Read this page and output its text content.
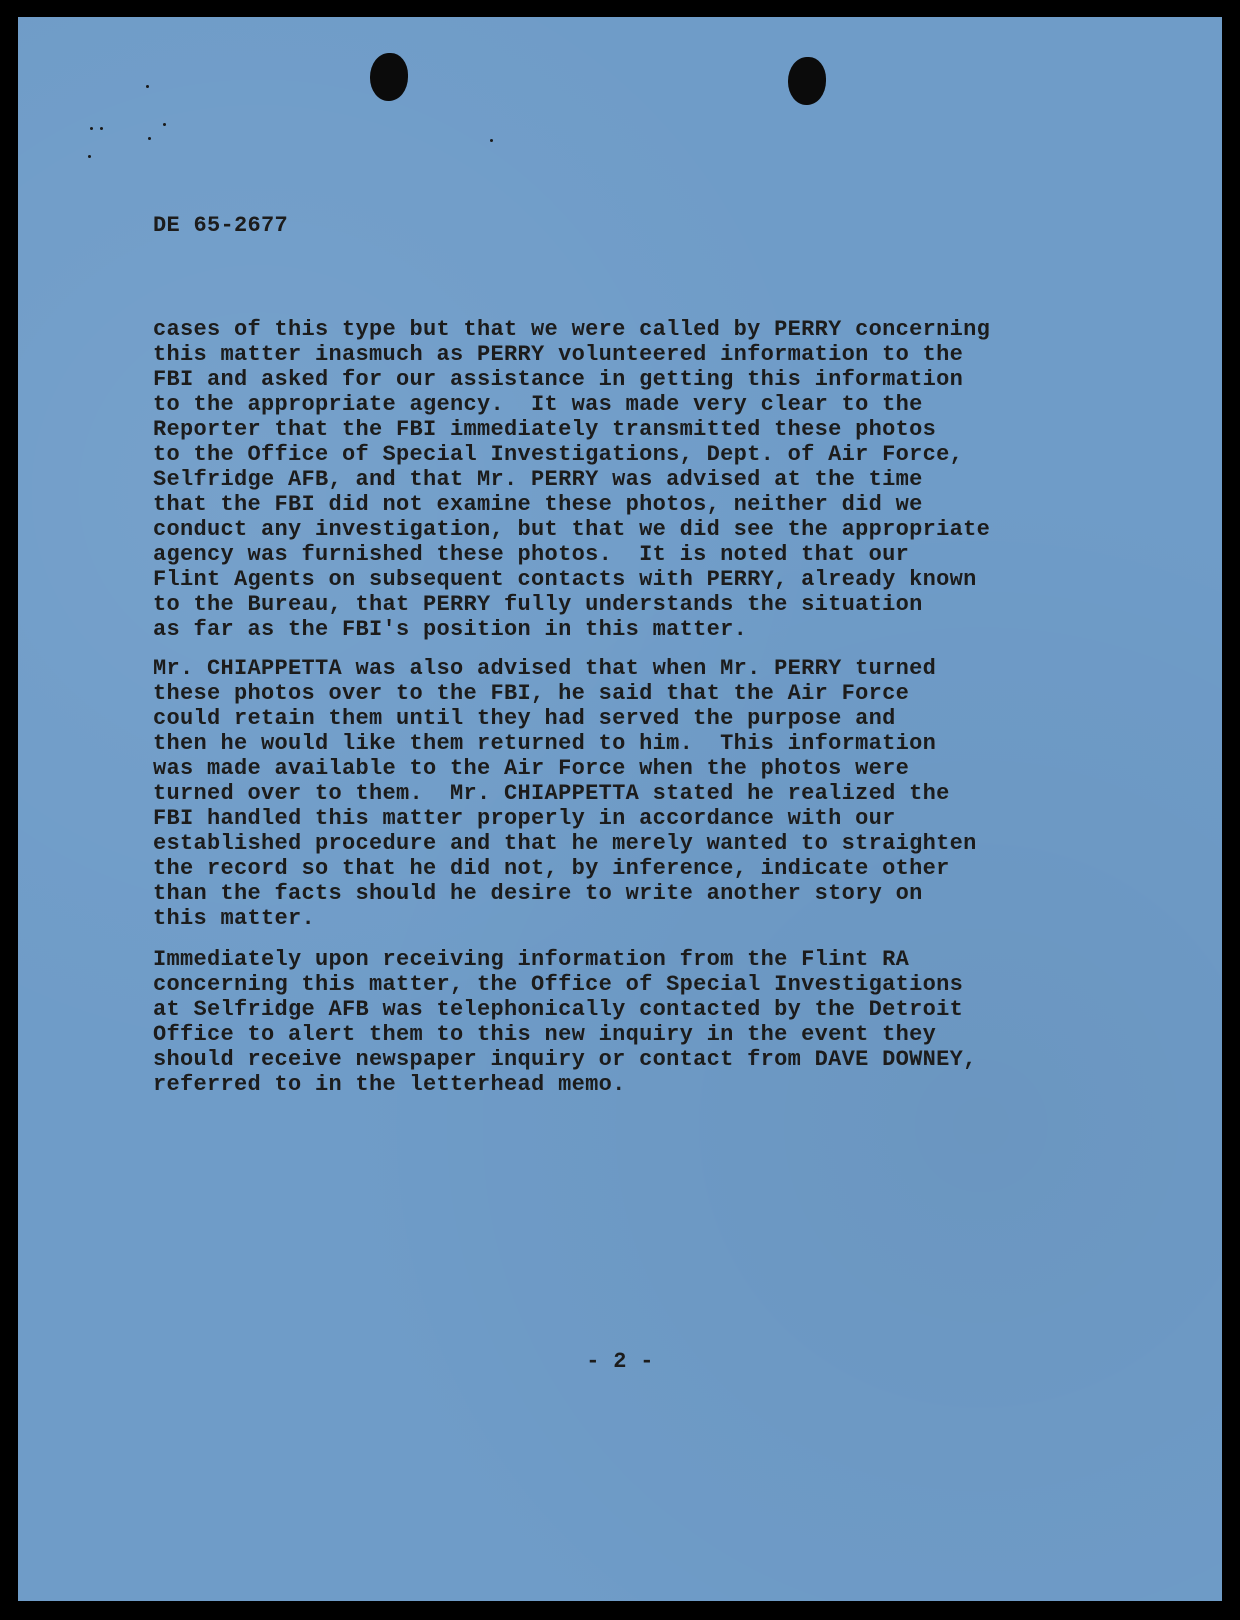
DE 65-2677

cases of this type but that we were called by PERRY concerning
this matter inasmuch as PERRY volunteered information to the
FBI and asked for our assistance in getting this information
to the appropriate agency.  It was made very clear to the
Reporter that the FBI immediately transmitted these photos
to the Office of Special Investigations, Dept. of Air Force,
Selfridge AFB, and that Mr. PERRY was advised at the time
that the FBI did not examine these photos, neither did we
conduct any investigation, but that we did see the appropriate
agency was furnished these photos.  It is noted that our
Flint Agents on subsequent contacts with PERRY, already known
to the Bureau, that PERRY fully understands the situation
as far as the FBI's position in this matter.

Mr. CHIAPPETTA was also advised that when Mr. PERRY turned
these photos over to the FBI, he said that the Air Force
could retain them until they had served the purpose and
then he would like them returned to him.  This information
was made available to the Air Force when the photos were
turned over to them.  Mr. CHIAPPETTA stated he realized the
FBI handled this matter properly in accordance with our
established procedure and that he merely wanted to straighten
the record so that he did not, by inference, indicate other
than the facts should he desire to write another story on
this matter.

Immediately upon receiving information from the Flint RA
concerning this matter, the Office of Special Investigations
at Selfridge AFB was telephonically contacted by the Detroit
Office to alert them to this new inquiry in the event they
should receive newspaper inquiry or contact from DAVE DOWNEY,
referred to in the letterhead memo.

- 2 -
